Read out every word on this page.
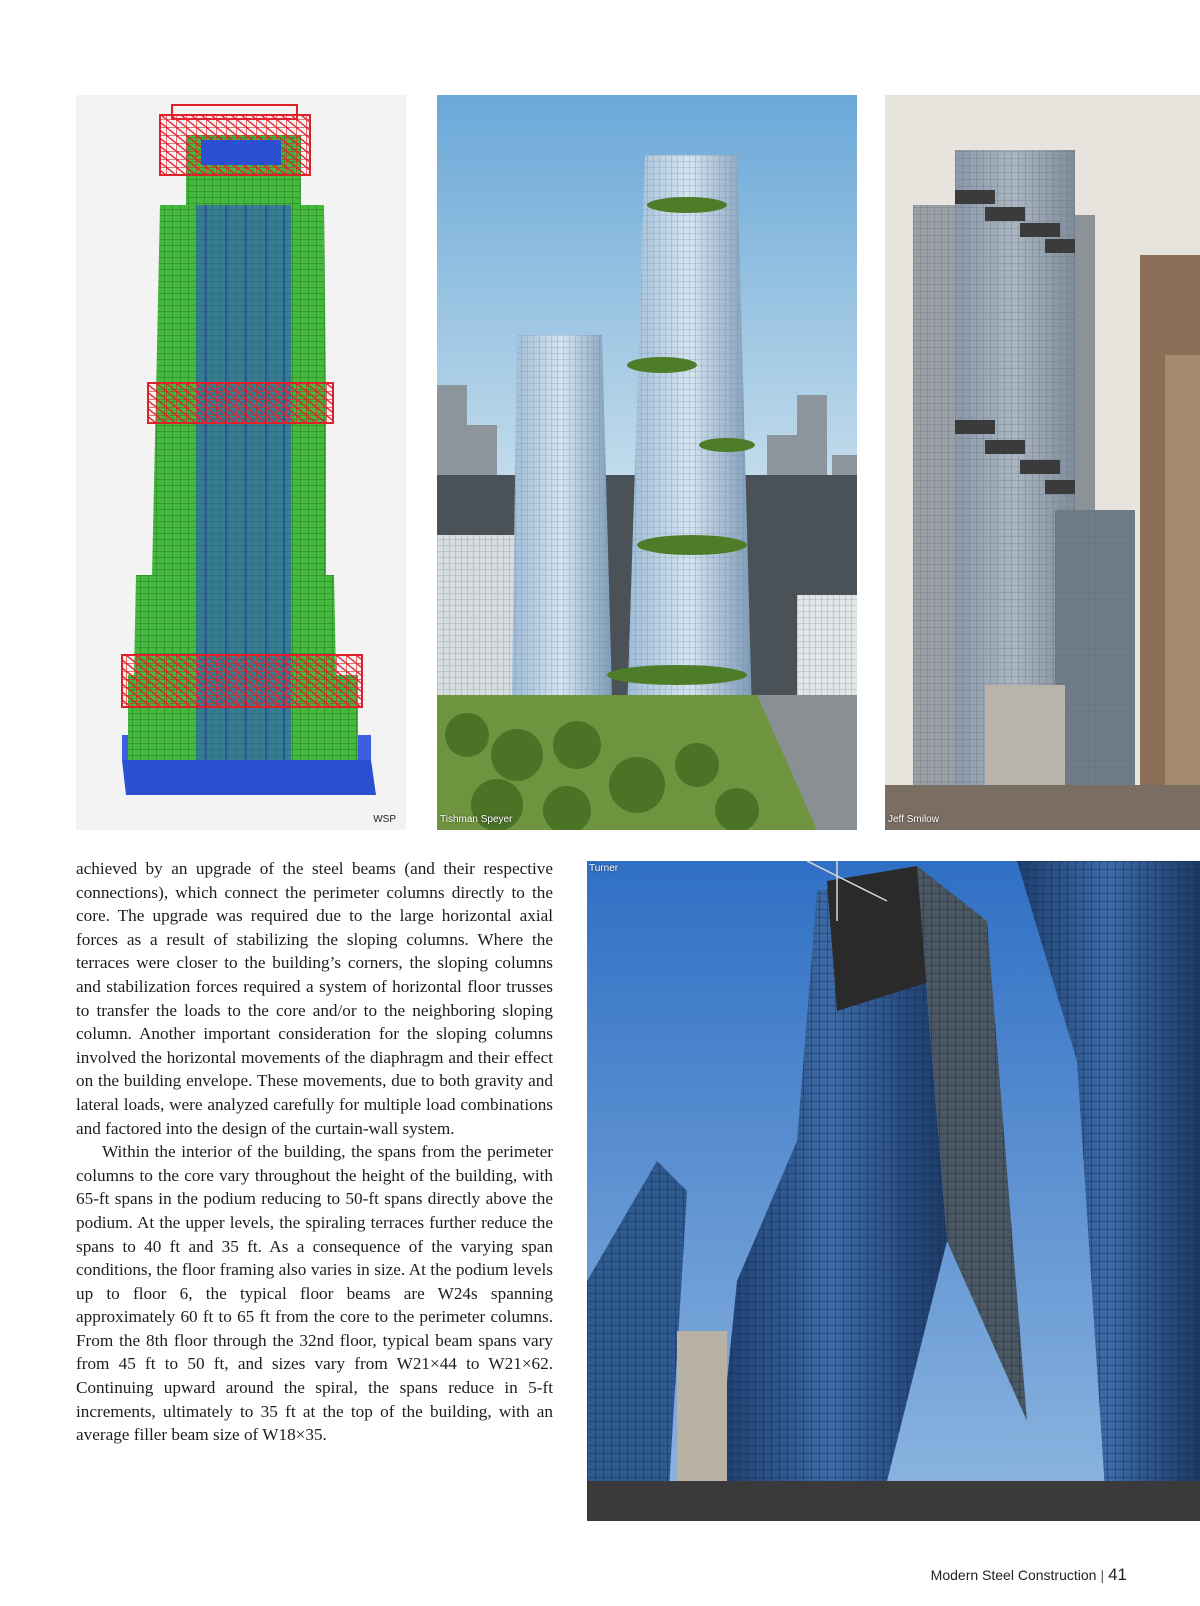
WSP	Tishman Speyer	Jeff Smilow
Turner

achieved by an upgrade of the steel beams (and their respective connections), which connect the perimeter columns directly to the core. The upgrade was required due to the large horizontal axial forces as a result of stabilizing the sloping columns. Where the terraces were closer to the building’s corners, the sloping columns and stabilization forces required a system of horizontal floor trusses to transfer the loads to the core and/or to the neighboring sloping column. Another important consideration for the sloping columns involved the horizontal movements of the diaphragm and their effect on the building envelope. These movements, due to both gravity and lateral loads, were analyzed carefully for multiple load combinations and factored into the design of the curtain-wall system.

Within the interior of the building, the spans from the perimeter columns to the core vary throughout the height of the building, with 65-ft spans in the podium reducing to 50-ft spans directly above the podium. At the upper levels, the spiraling terraces further reduce the spans to 40 ft and 35 ft. As a consequence of the varying span conditions, the floor framing also varies in size. At the podium levels up to floor 6, the typical floor beams are W24s spanning approximately 60 ft to 65 ft from the core to the perimeter columns. From the 8th floor through the 32nd floor, typical beam spans vary from 45 ft to 50 ft, and sizes vary from W21×44 to W21×62. Continuing upward around the spiral, the spans reduce in 5-ft increments, ultimately to 35 ft at the top of the building, with an average filler beam size of W18×35.

Modern Steel Construction | 41
